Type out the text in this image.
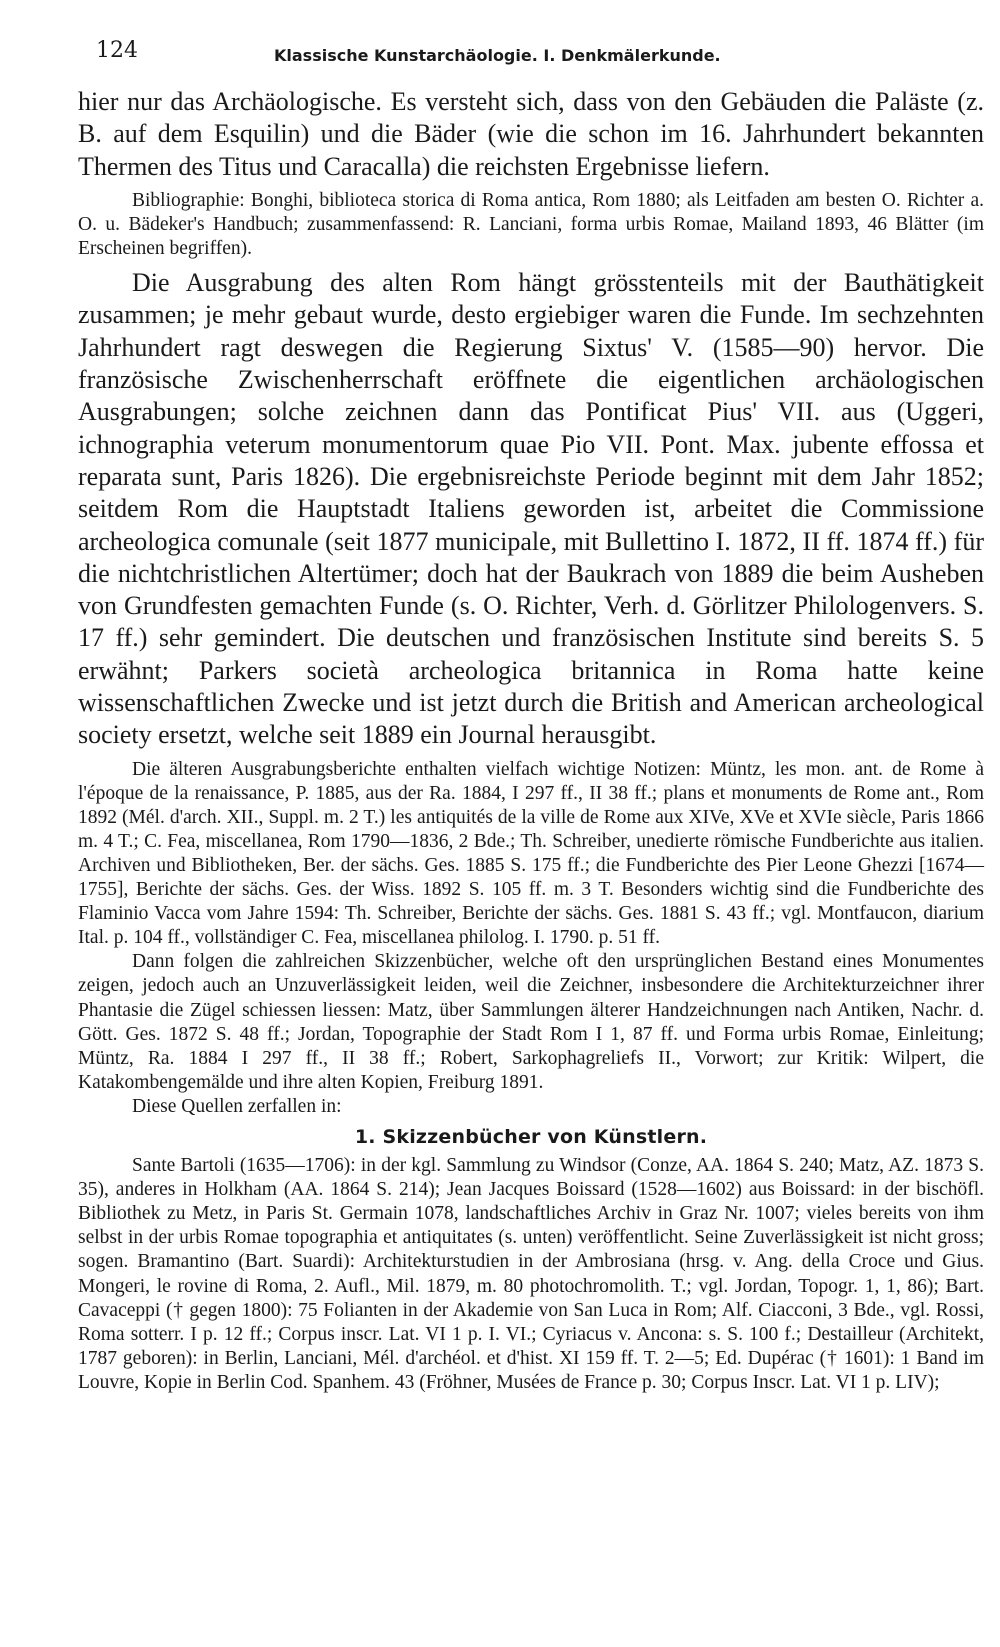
124	Klassische Kunstarchäologie. I. Denkmälerkunde.

hier nur das Archäologische. Es versteht sich, dass von den Gebäuden die Paläste (z. B. auf dem Esquilin) und die Bäder (wie die schon im 16. Jahrhundert bekannten Thermen des Titus und Caracalla) die reichsten Ergebnisse liefern.

Bibliographie: Bonghi, biblioteca storica di Roma antica, Rom 1880; als Leitfaden am besten O. Richter a. O. u. Bädeker's Handbuch; zusammenfassend: R. Lanciani, forma urbis Romae, Mailand 1893, 46 Blätter (im Erscheinen begriffen).

Die Ausgrabung des alten Rom hängt grösstenteils mit der Bauthätigkeit zusammen; je mehr gebaut wurde, desto ergiebiger waren die Funde. Im sechzehnten Jahrhundert ragt deswegen die Regierung Sixtus' V. (1585—90) hervor. Die französische Zwischenherrschaft eröffnete die eigentlichen archäologischen Ausgrabungen; solche zeichnen dann das Pontificat Pius' VII. aus (Uggeri, ichnographia veterum monumentorum quae Pio VII. Pont. Max. jubente effossa et reparata sunt, Paris 1826). Die ergebnisreichste Periode beginnt mit dem Jahr 1852; seitdem Rom die Hauptstadt Italiens geworden ist, arbeitet die Commissione archeologica comunale (seit 1877 municipale, mit Bullettino I. 1872, II ff. 1874 ff.) für die nichtchristlichen Altertümer; doch hat der Baukrach von 1889 die beim Ausheben von Grundfesten gemachten Funde (s. O. Richter, Verh. d. Görlitzer Philologenvers. S. 17 ff.) sehr gemindert. Die deutschen und französischen Institute sind bereits S. 5 erwähnt; Parkers società archeologica britannica in Roma hatte keine wissenschaftlichen Zwecke und ist jetzt durch die British and American archeological society ersetzt, welche seit 1889 ein Journal herausgibt.

Die älteren Ausgrabungsberichte enthalten vielfach wichtige Notizen: Müntz, les mon. ant. de Rome à l'époque de la renaissance, P. 1885, aus der Ra. 1884, I 297 ff., II 38 ff.; plans et monuments de Rome ant., Rom 1892 (Mél. d'arch. XII., Suppl. m. 2 T.) les antiquités de la ville de Rome aux XIVe, XVe et XVIe siècle, Paris 1866 m. 4 T.; C. Fea, miscellanea, Rom 1790—1836, 2 Bde.; Th. Schreiber, unedierte römische Fundberichte aus italien. Archiven und Bibliotheken, Ber. der sächs. Ges. 1885 S. 175 ff.; die Fundberichte des Pier Leone Ghezzi [1674—1755], Berichte der sächs. Ges. der Wiss. 1892 S. 105 ff. m. 3 T. Besonders wichtig sind die Fundberichte des Flaminio Vacca vom Jahre 1594: Th. Schreiber, Berichte der sächs. Ges. 1881 S. 43 ff.; vgl. Montfaucon, diarium Ital. p. 104 ff., vollständiger C. Fea, miscellanea philolog. I. 1790. p. 51 ff.

Dann folgen die zahlreichen Skizzenbücher, welche oft den ursprünglichen Bestand eines Monumentes zeigen, jedoch auch an Unzuverlässigkeit leiden, weil die Zeichner, insbesondere die Architekturzeichner ihrer Phantasie die Zügel schiessen liessen: Matz, über Sammlungen älterer Handzeichnungen nach Antiken, Nachr. d. Gött. Ges. 1872 S. 48 ff.; Jordan, Topographie der Stadt Rom I 1, 87 ff. und Forma urbis Romae, Einleitung; Müntz, Ra. 1884 I 297 ff., II 38 ff.; Robert, Sarkophagreliefs II., Vorwort; zur Kritik: Wilpert, die Katakombengemälde und ihre alten Kopien, Freiburg 1891.

Diese Quellen zerfallen in:

1. Skizzenbücher von Künstlern.

Sante Bartoli (1635—1706): in der kgl. Sammlung zu Windsor (Conze, AA. 1864 S. 240; Matz, AZ. 1873 S. 35), anderes in Holkham (AA. 1864 S. 214); Jean Jacques Boissard (1528—1602) aus Boissard: in der bischöfl. Bibliothek zu Metz, in Paris St. Germain 1078, landschaftliches Archiv in Graz Nr. 1007; vieles bereits von ihm selbst in der urbis Romae topographia et antiquitates (s. unten) veröffentlicht. Seine Zuverlässigkeit ist nicht gross; sogen. Bramantino (Bart. Suardi): Architekturstudien in der Ambrosiana (hrsg. v. Ang. della Croce und Gius. Mongeri, le rovine di Roma, 2. Aufl., Mil. 1879, m. 80 photochromolith. T.; vgl. Jordan, Topogr. 1, 1, 86); Bart. Cavaceppi († gegen 1800): 75 Folianten in der Akademie von San Luca in Rom; Alf. Ciacconi, 3 Bde., vgl. Rossi, Roma sotterr. I p. 12 ff.; Corpus inscr. Lat. VI 1 p. I. VI.; Cyriacus v. Ancona: s. S. 100 f.; Destailleur (Architekt, 1787 geboren): in Berlin, Lanciani, Mél. d'archéol. et d'hist. XI 159 ff. T. 2—5; Ed. Dupérac († 1601): 1 Band im Louvre, Kopie in Berlin Cod. Spanhem. 43 (Fröhner, Musées de France p. 30; Corpus Inscr. Lat. VI 1 p. LIV);
